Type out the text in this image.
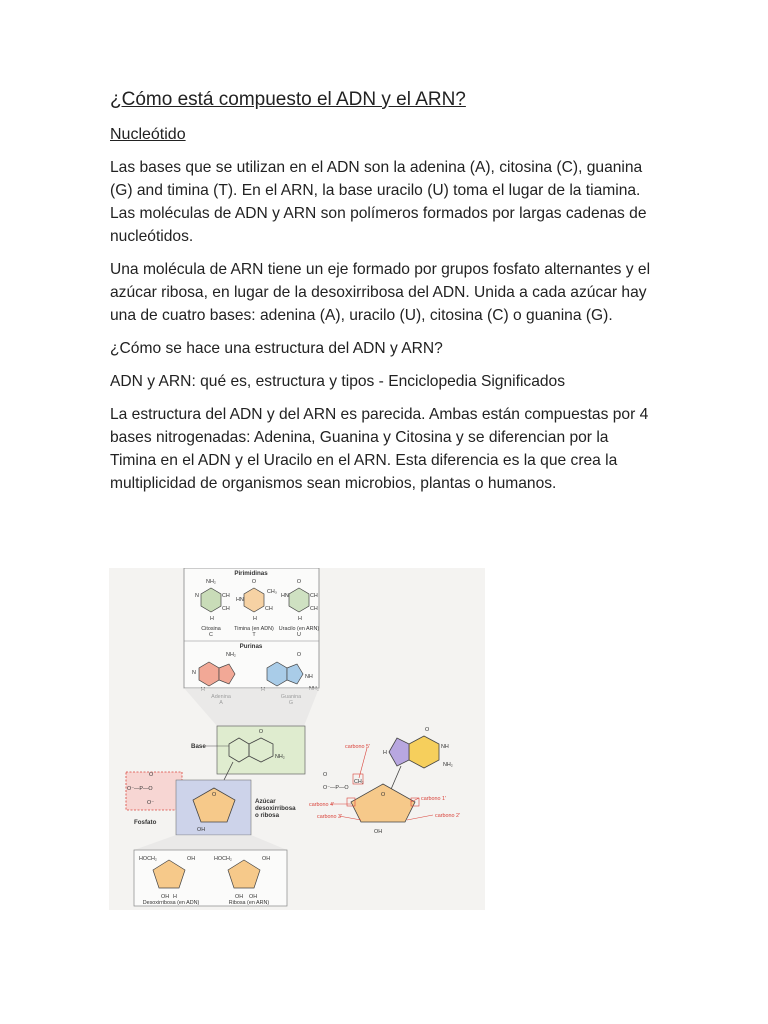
¿Cómo está compuesto el ADN y el ARN?
Nucleótido

Las bases que se utilizan en el ADN son la adenina (A), citosina (C), guanina (G) and timina (T). En el ARN, la base uracilo (U) toma el lugar de la tiamina. Las moléculas de ADN y ARN son polímeros formados por largas cadenas de nucleótidos.

Una molécula de ARN tiene un eje formado por grupos fosfato alternantes y el azúcar ribosa, en lugar de la desoxirribosa del ADN. Unida a cada azúcar hay una de cuatro bases: adenina (A), uracilo (U), citosina (C) o guanina (G).

¿Cómo se hace una estructura del ADN y ARN?

ADN y ARN: qué es, estructura y tipos - Enciclopedia Significados

La estructura del ADN y del ARN es parecida. Ambas están compuestas por 4 bases nitrogenadas: Adenina, Guanina y Citosina y se diferencian por la Timina en el ADN y el Uracilo en el ARN. Esta diferencia es la que crea la multiplicidad de organismos sean microbios, plantas o humanos.

Pirimidinas
Purinas
NH₂
N	CH
CH
H
Citosina
C
O
CH₃
HN
CH
H
Timina (en ADN)
T
O
HN	CH
CH
H
Uracilo (en ARN)
U
NH₂
N
O
NH
Base
O
NH₂
O
O⁻—P—O
O⁻
Fosfato
O
OH
Azúcar
desoxirribosa
o ribosa
HOCH₂	OH
OH H
Desoxirribosa (en ADN)
HOCH₂	OH
OH OH
Ribosa (en ARN)
O
NH
NH₂
H
O
OH
O⁻—P—O
O
CH₂
carbono 5'
carbono 4'
carbono 3'
carbono 1'
carbono 2'
